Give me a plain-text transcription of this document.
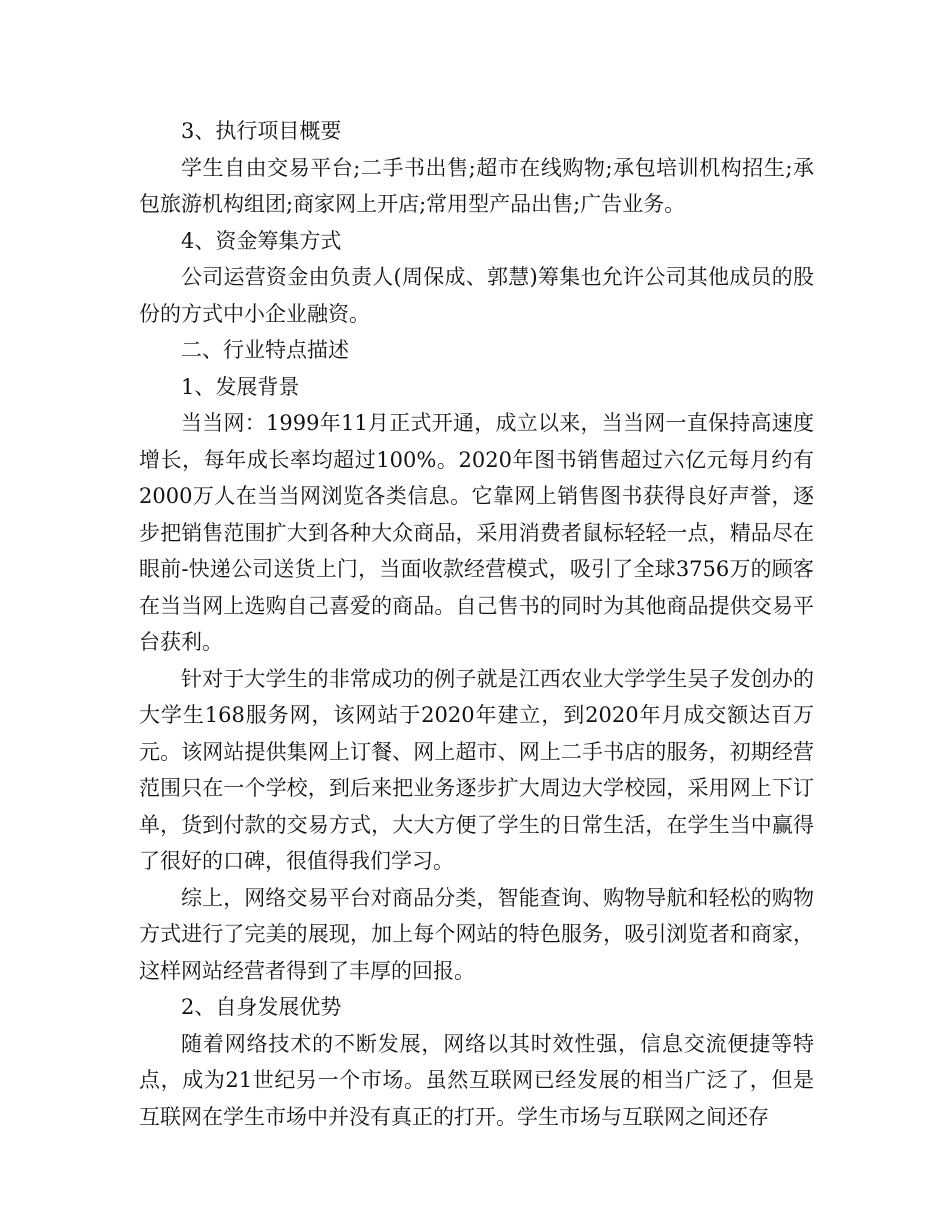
3、执行项目概要

学生自由交易平台;二手书出售;超市在线购物;承包培训机构招生;承包旅游机构组团;商家网上开店;常用型产品出售;广告业务。

4、资金筹集方式

公司运营资金由负责人(周保成、郭慧)筹集也允许公司其他成员的股份的方式中小企业融资。

二、行业特点描述

1、发展背景

当当网：1999年11月正式开通，成立以来，当当网一直保持高速度增长，每年成长率均超过100%。2020年图书销售超过六亿元每月约有 2000万人在当当网浏览各类信息。它靠网上销售图书获得良好声誉，逐步把销售范围扩大到各种大众商品，采用消费者鼠标轻轻一点，精品尽在眼前-快递公司送货上门，当面收款经营模式，吸引了全球3756万的顾客在当当网上选购自己喜爱的商品。自己售书的同时为其他商品提供交易平台获利。

针对于大学生的非常成功的例子就是江西农业大学学生吴子发创办的大学生168服务网，该网站于2020年建立，到2020年月成交额达百万元。该网站提供集网上订餐、网上超市、网上二手书店的服务，初期经营范围只在一个学校，到后来把业务逐步扩大周边大学校园，采用网上下订单，货到付款的交易方式，大大方便了学生的日常生活，在学生当中赢得了很好的口碑，很值得我们学习。

综上，网络交易平台对商品分类，智能查询、购物导航和轻松的购物方式进行了完美的展现，加上每个网站的特色服务，吸引浏览者和商家，这样网站经营者得到了丰厚的回报。

2、自身发展优势

随着网络技术的不断发展，网络以其时效性强，信息交流便捷等特点，成为21世纪另一个市场。虽然互联网已经发展的相当广泛了，但是互联网在学生市场中并没有真正的打开。学生市场与互联网之间还存
